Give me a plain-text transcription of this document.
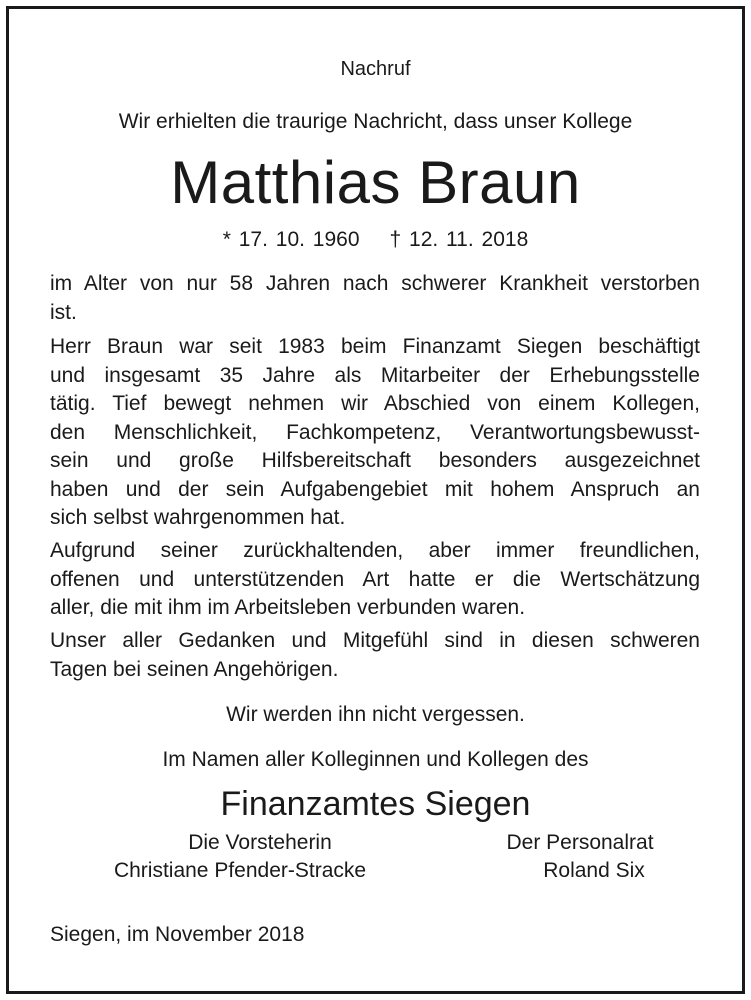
Nachruf

Wir erhielten die traurige Nachricht, dass unser Kollege

Matthias Braun

* 17. 10. 1960 † 12. 11. 2018

im Alter von nur 58 Jahren nach schwerer Krankheit verstorben
ist.
Herr Braun war seit 1983 beim Finanzamt Siegen beschäftigt
und insgesamt 35 Jahre als Mitarbeiter der Erhebungsstelle
tätig. Tief bewegt nehmen wir Abschied von einem Kollegen,
den Menschlichkeit, Fachkompetenz, Verantwortungsbewusst-
sein und große Hilfsbereitschaft besonders ausgezeichnet
haben und der sein Aufgabengebiet mit hohem Anspruch an
sich selbst wahrgenommen hat.
Aufgrund seiner zurückhaltenden, aber immer freundlichen,
offenen und unterstützenden Art hatte er die Wertschätzung
aller, die mit ihm im Arbeitsleben verbunden waren.
Unser aller Gedanken und Mitgefühl sind in diesen schweren
Tagen bei seinen Angehörigen.

Wir werden ihn nicht vergessen.

Im Namen aller Kolleginnen und Kollegen des

Finanzamtes Siegen

Die Vorsteherin

Christiane Pfender-Stracke

Der Personalrat

Roland Six

Siegen, im November 2018
